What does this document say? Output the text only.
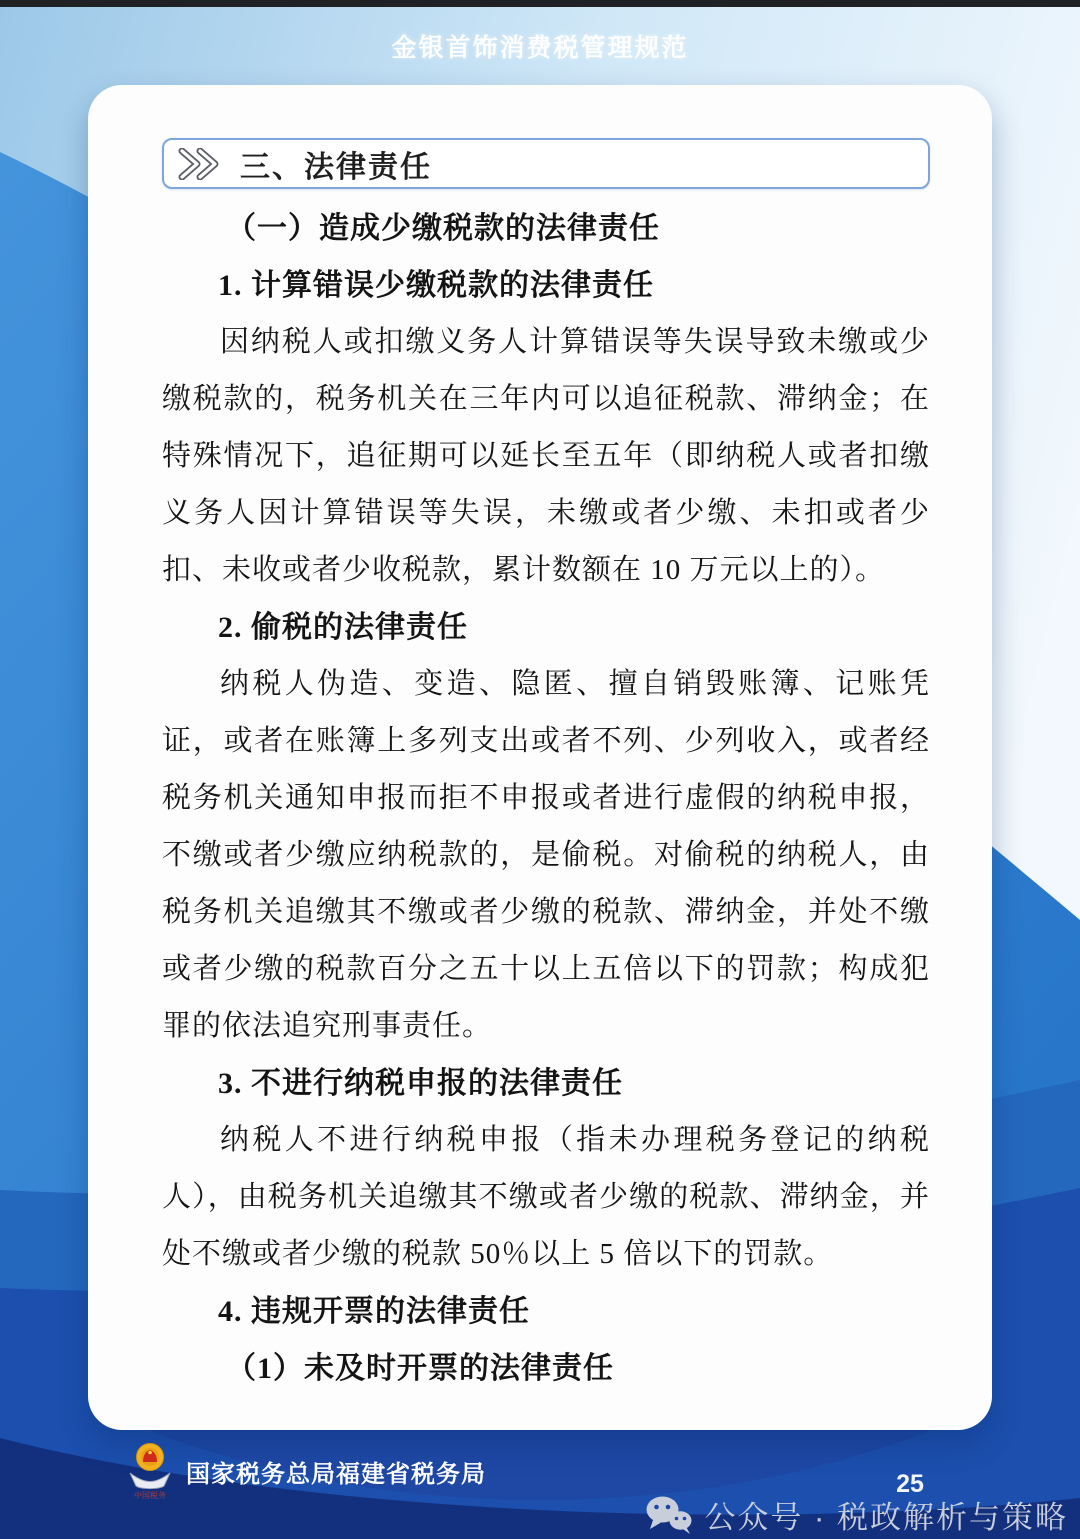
金银首饰消费税管理规范
三、法律责任
（一）造成少缴税款的法律责任
1. 计算错误少缴税款的法律责任
因纳税人或扣缴义务人计算错误等失误导致未缴或少缴税款的，税务机关在三年内可以追征税款、滞纳金；在特殊情况下，追征期可以延长至五年（即纳税人或者扣缴义务人因计算错误等失误，未缴或者少缴、未扣或者少扣、未收或者少收税款，累计数额在 10 万元以上的）。
2. 偷税的法律责任
纳税人伪造、变造、隐匿、擅自销毁账簿、记账凭证，或者在账簿上多列支出或者不列、少列收入，或者经税务机关通知申报而拒不申报或者进行虚假的纳税申报，不缴或者少缴应纳税款的，是偷税。对偷税的纳税人，由税务机关追缴其不缴或者少缴的税款、滞纳金，并处不缴或者少缴的税款百分之五十以上五倍以下的罚款；构成犯罪的依法追究刑事责任。
3. 不进行纳税申报的法律责任
纳税人不进行纳税申报（指未办理税务登记的纳税人），由税务机关追缴其不缴或者少缴的税款、滞纳金，并处不缴或者少缴的税款 50％以上 5 倍以下的罚款。
4. 违规开票的法律责任
（1）未及时开票的法律责任
中国税务
国家税务总局福建省税务局	25
公众号 · 税政解析与策略
